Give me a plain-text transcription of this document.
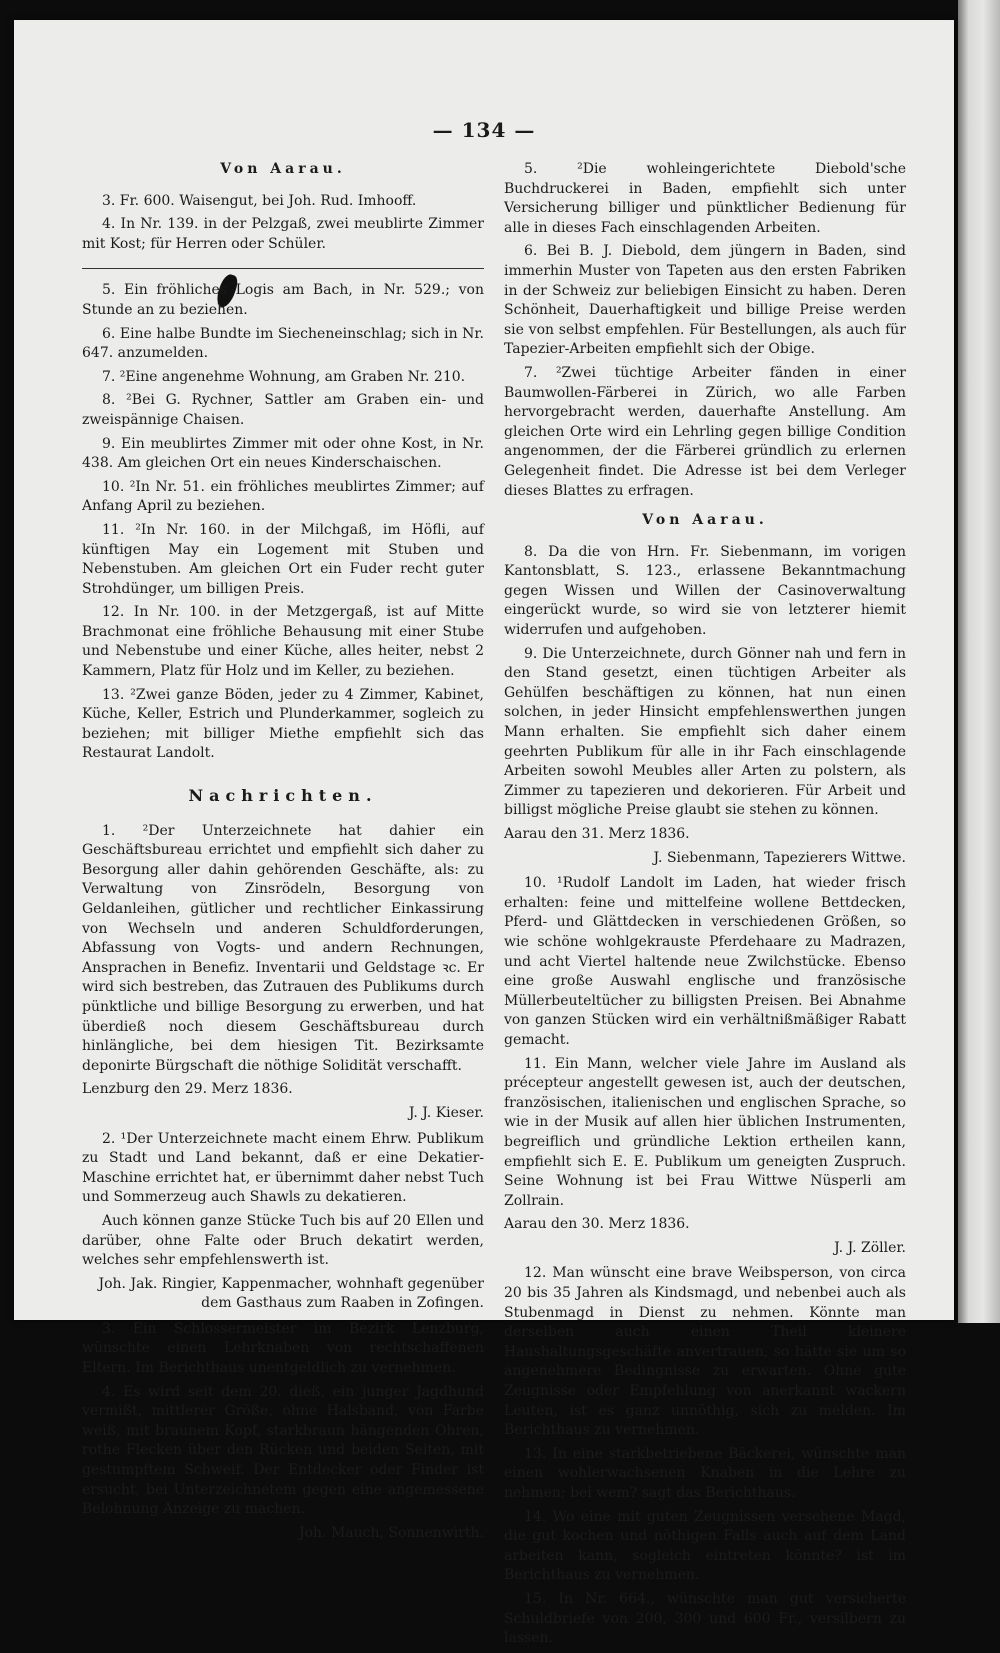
— 134 —
Von Aarau.

3. Fr. 600. Waisengut, bei Joh. Rud. Imhooff.

4. In Nr. 139. in der Pelzgaß, zwei meublirte Zimmer mit Kost; für Herren oder Schüler.

5. Ein fröhliches Logis am Bach, in Nr. 529.; von Stunde an zu beziehen.

6. Eine halbe Bundte im Siecheneinschlag; sich in Nr. 647. anzumelden.

7. ²Eine angenehme Wohnung, am Graben Nr. 210.

8. ²Bei G. Rychner, Sattler am Graben ein- und zweispännige Chaisen.

9. Ein meublirtes Zimmer mit oder ohne Kost, in Nr. 438. Am gleichen Ort ein neues Kinderschaischen.

10. ²In Nr. 51. ein fröhliches meublirtes Zimmer; auf Anfang April zu beziehen.

11. ²In Nr. 160. in der Milchgaß, im Höfli, auf künftigen May ein Logement mit Stuben und Nebenstuben. Am gleichen Ort ein Fuder recht guter Strohdünger, um billigen Preis.

12. In Nr. 100. in der Metzgergaß, ist auf Mitte Brachmonat eine fröhliche Behausung mit einer Stube und Nebenstube und einer Küche, alles heiter, nebst 2 Kammern, Platz für Holz und im Keller, zu beziehen.

13. ²Zwei ganze Böden, jeder zu 4 Zimmer, Kabinet, Küche, Keller, Estrich und Plunderkammer, sogleich zu beziehen; mit billiger Miethe empfiehlt sich das Restaurat Landolt.

Nachrichten.

1. ²Der Unterzeichnete hat dahier ein Geschäftsbureau errichtet und empfiehlt sich daher zu Besorgung aller dahin gehörenden Geschäfte, als: zu Verwaltung von Zinsrödeln, Besorgung von Geldanleihen, gütlicher und rechtlicher Einkassirung von Wechseln und anderen Schuldforderungen, Abfassung von Vogts- und andern Rechnungen, Ansprachen in Benefiz. Inventarii und Geldstage ꝛc. Er wird sich bestreben, das Zutrauen des Publikums durch pünktliche und billige Besorgung zu erwerben, und hat überdieß noch diesem Geschäftsbureau durch hinlängliche, bei dem hiesigen Tit. Bezirksamte deponirte Bürgschaft die nöthige Solidität verschafft.

Lenzburg den 29. Merz 1836.

J. J. Kieser.

2. ¹Der Unterzeichnete macht einem Ehrw. Publikum zu Stadt und Land bekannt, daß er eine Dekatier-Maschine errichtet hat, er übernimmt daher nebst Tuch und Sommerzeug auch Shawls zu dekatieren.

Auch können ganze Stücke Tuch bis auf 20 Ellen und darüber, ohne Falte oder Bruch dekatirt werden, welches sehr empfehlenswerth ist.

Joh. Jak. Ringier, Kappenmacher, wohnhaft gegenüber dem Gasthaus zum Raaben in Zofingen.

3. Ein Schlossermeister im Bezirk Lenzburg, wünschte einen Lehrknaben von rechtschaffenen Eltern. Im Berichthaus unentgeldlich zu vernehmen.

4. Es wird seit dem 20. dieß, ein junger Jagdhund vermißt, mittlerer Größe, ohne Halsband, von Farbe weiß, mit braunem Kopf, starkbraun hängenden Ohren, rothe Flecken über den Rücken und beiden Seiten, mit gestumpftem Schweif. Der Entdecker oder Finder ist ersucht, bei Unterzeichnetem gegen eine angemessene Belohnung Anzeige zu machen.

Joh. Mauch, Sonnenwirth.

5. ²Die wohleingerichtete Diebold'sche Buchdruckerei in Baden, empfiehlt sich unter Versicherung billiger und pünktlicher Bedienung für alle in dieses Fach einschlagenden Arbeiten.

6. Bei B. J. Diebold, dem jüngern in Baden, sind immerhin Muster von Tapeten aus den ersten Fabriken in der Schweiz zur beliebigen Einsicht zu haben. Deren Schönheit, Dauerhaftigkeit und billige Preise werden sie von selbst empfehlen. Für Bestellungen, als auch für Tapezier-Arbeiten empfiehlt sich der Obige.

7. ²Zwei tüchtige Arbeiter fänden in einer Baumwollen-Färberei in Zürich, wo alle Farben hervorgebracht werden, dauerhafte Anstellung. Am gleichen Orte wird ein Lehrling gegen billige Condition angenommen, der die Färberei gründlich zu erlernen Gelegenheit findet. Die Adresse ist bei dem Verleger dieses Blattes zu erfragen.

Von Aarau.

8. Da die von Hrn. Fr. Siebenmann, im vorigen Kantonsblatt, S. 123., erlassene Bekanntmachung gegen Wissen und Willen der Casinoverwaltung eingerückt wurde, so wird sie von letzterer hiemit widerrufen und aufgehoben.

9. Die Unterzeichnete, durch Gönner nah und fern in den Stand gesetzt, einen tüchtigen Arbeiter als Gehülfen beschäftigen zu können, hat nun einen solchen, in jeder Hinsicht empfehlenswerthen jungen Mann erhalten. Sie empfiehlt sich daher einem geehrten Publikum für alle in ihr Fach einschlagende Arbeiten sowohl Meubles aller Arten zu polstern, als Zimmer zu tapezieren und dekorieren. Für Arbeit und billigst mögliche Preise glaubt sie stehen zu können.

Aarau den 31. Merz 1836.

J. Siebenmann, Tapezierers Wittwe.

10. ¹Rudolf Landolt im Laden, hat wieder frisch erhalten: feine und mittelfeine wollene Bettdecken, Pferd- und Glättdecken in verschiedenen Größen, so wie schöne wohlgekrauste Pferdehaare zu Madrazen, und acht Viertel haltende neue Zwilchstücke. Ebenso eine große Auswahl englische und französische Müllerbeuteltücher zu billigsten Preisen. Bei Abnahme von ganzen Stücken wird ein verhältnißmäßiger Rabatt gemacht.

11. Ein Mann, welcher viele Jahre im Ausland als précepteur angestellt gewesen ist, auch der deutschen, französischen, italienischen und englischen Sprache, so wie in der Musik auf allen hier üblichen Instrumenten, begreiflich und gründliche Lektion ertheilen kann, empfiehlt sich E. E. Publikum um geneigten Zuspruch. Seine Wohnung ist bei Frau Wittwe Nüsperli am Zollrain.

Aarau den 30. Merz 1836.

J. J. Zöller.

12. Man wünscht eine brave Weibsperson, von circa 20 bis 35 Jahren als Kindsmagd, und nebenbei auch als Stubenmagd in Dienst zu nehmen. Könnte man derselben auch einen Theil kleinere Haushaltungsgeschäfte anvertrauen, so hätte sie um so angenehmere Bedingnisse zu erwarten. Ohne gute Zeugnisse oder Empfehlung von anerkannt wackern Leuten, ist es ganz unnöthig, sich zu melden. Im Berichthaus zu vernehmen.

13. In eine starkbetriebene Bäckerei, wünschte man einen wohlerwachsenen Knaben in die Lehre zu nehmen; bei wem? sagt das Berichthaus.

14. Wo eine mit guten Zeugnissen versehene Magd, die gut kochen und nöthigen Falls auch auf dem Land arbeiten kann, sogleich eintreten könnte? ist im Berichthaus zu vernehmen.

15. In Nr. 664., wünschte man gut versicherte Schuldbriefe von 200, 300 und 600 Fr., versilbern zu lassen.
